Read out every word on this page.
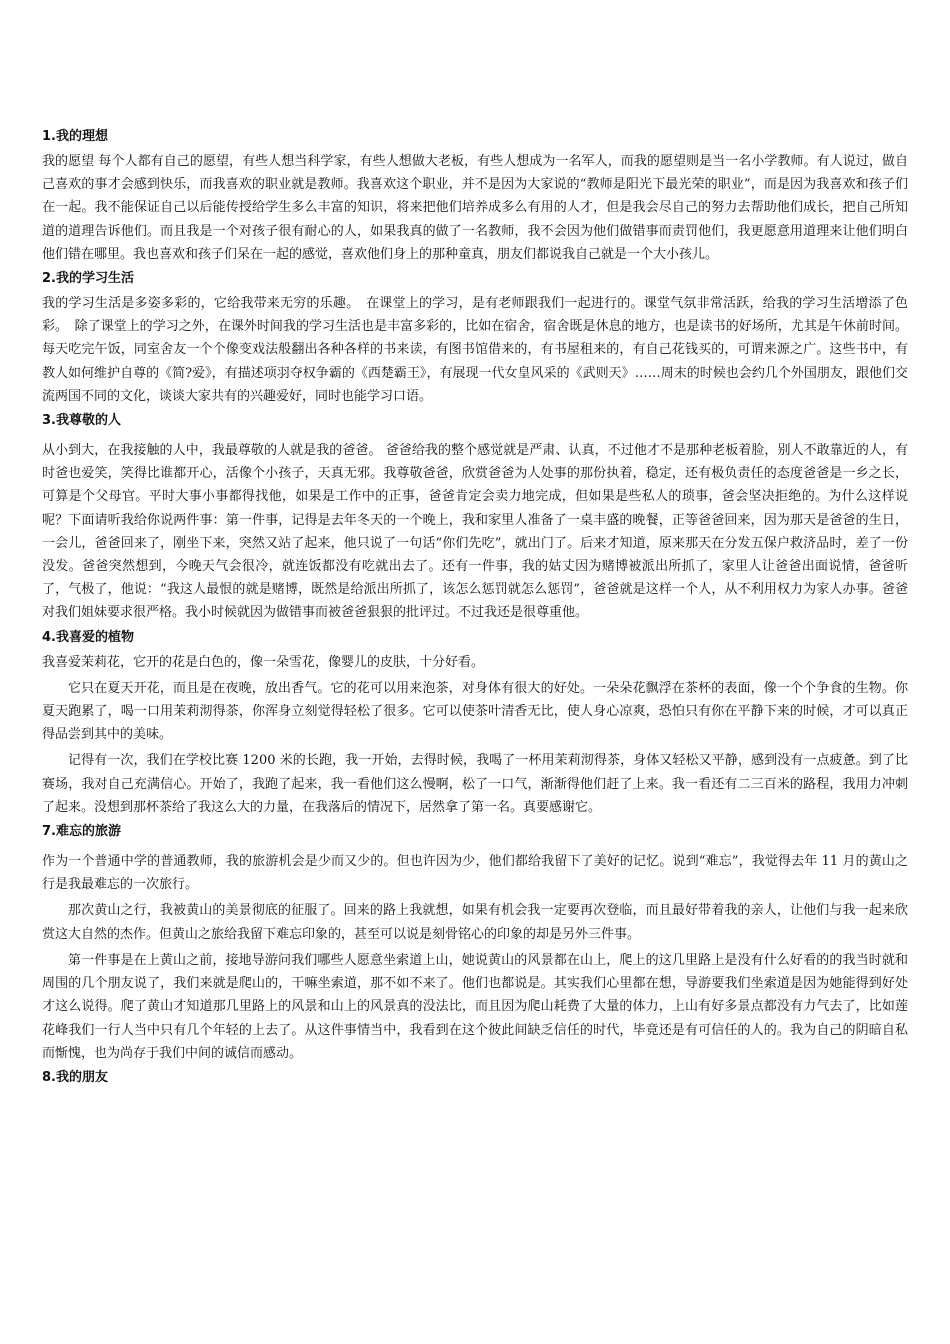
1.我的理想

我的愿望 每个人都有自己的愿望，有些人想当科学家，有些人想做大老板，有些人想成为一名军人，而我的愿望则是当一名小学教师。有人说过，做自己喜欢的事才会感到快乐，而我喜欢的职业就是教师。我喜欢这个职业，并不是因为大家说的“教师是阳光下最光荣的职业”，而是因为我喜欢和孩子们在一起。我不能保证自己以后能传授给学生多么丰富的知识，将来把他们培养成多么有用的人才，但是我会尽自己的努力去帮助他们成长，把自己所知道的道理告诉他们。而且我是一个对孩子很有耐心的人，如果我真的做了一名教师，我不会因为他们做错事而责罚他们，我更愿意用道理来让他们明白他们错在哪里。我也喜欢和孩子们呆在一起的感觉，喜欢他们身上的那种童真，朋友们都说我自己就是一个大小孩儿。

2.我的学习生活

我的学习生活是多姿多彩的，它给我带来无穷的乐趣。　在课堂上的学习，是有老师跟我们一起进行的。课堂气氛非常活跃，给我的学习生活增添了色彩。　除了课堂上的学习之外，在课外时间我的学习生活也是丰富多彩的，比如在宿舍，宿舍既是休息的地方，也是读书的好场所，尤其是午休前时间。每天吃完午饭，同室舍友一个个像变戏法般翻出各种各样的书来读，有图书馆借来的，有书屋租来的，有自己花钱买的，可谓来源之广。这些书中，有教人如何维护自尊的《简?爱》，有描述项羽夺权争霸的《西楚霸王》，有展现一代女皇风采的《武则天》……周末的时候也会约几个外国朋友，跟他们交流两国不同的文化，谈谈大家共有的兴趣爱好，同时也能学习口语。

3.我尊敬的人

从小到大，在我接触的人中，我最尊敬的人就是我的爸爸。 爸爸给我的整个感觉就是严肃、认真，不过他才不是那种老板着脸，别人不敢靠近的人，有时爸也爱笑，笑得比谁都开心，活像个小孩子，天真无邪。我尊敬爸爸，欣赏爸爸为人处事的那份执着，稳定，还有极负责任的态度爸爸是一乡之长，可算是个父母官。平时大事小事都得找他，如果是工作中的正事，爸爸肯定会卖力地完成，但如果是些私人的琐事，爸会坚决拒绝的。为什么这样说呢？下面请听我给你说两件事：第一件事，记得是去年冬天的一个晚上，我和家里人准备了一桌丰盛的晚餐，正等爸爸回来，因为那天是爸爸的生日，一会儿，爸爸回来了，刚坐下来，突然又站了起来，他只说了一句话“你们先吃”，就出门了。后来才知道，原来那天在分发五保户救济品时，差了一份没发。爸爸突然想到，今晚天气会很冷，就连饭都没有吃就出去了。还有一件事，我的姑丈因为赌博被派出所抓了，家里人让爸爸出面说情，爸爸听了，气极了，他说：“我这人最恨的就是赌博，既然是给派出所抓了，该怎么惩罚就怎么惩罚”，爸爸就是这样一个人，从不利用权力为家人办事。爸爸对我们姐妹要求很严格。我小时候就因为做错事而被爸爸狠狠的批评过。不过我还是很尊重他。

4.我喜爱的植物

我喜爱茉莉花，它开的花是白色的，像一朵雪花，像婴儿的皮肤，十分好看。

它只在夏天开花，而且是在夜晚，放出香气。它的花可以用来泡茶，对身体有很大的好处。一朵朵花飘浮在茶杯的表面，像一个个争食的生物。你夏天跑累了，喝一口用茉莉沏得茶，你浑身立刻觉得轻松了很多。它可以使茶叶清香无比，使人身心凉爽，恐怕只有你在平静下来的时候，才可以真正得品尝到其中的美味。

记得有一次，我们在学校比赛 1200 米的长跑，我一开始，去得时候，我喝了一杯用茉莉沏得茶，身体又轻松又平静，感到没有一点疲惫。到了比赛场，我对自己充满信心。开始了，我跑了起来，我一看他们这么慢啊，松了一口气，渐渐得他们赶了上来。我一看还有二三百米的路程，我用力冲刺了起来。没想到那杯茶给了我这么大的力量，在我落后的情况下，居然拿了第一名。真要感谢它。

7.难忘的旅游

作为一个普通中学的普通教师，我的旅游机会是少而又少的。但也许因为少，他们都给我留下了美好的记忆。说到“难忘”，我觉得去年 11 月的黄山之行是我最难忘的一次旅行。

那次黄山之行，我被黄山的美景彻底的征服了。回来的路上我就想，如果有机会我一定要再次登临，而且最好带着我的亲人，让他们与我一起来欣赏这大自然的杰作。但黄山之旅给我留下难忘印象的，甚至可以说是刻骨铭心的印象的却是另外三件事。

第一件事是在上黄山之前，接地导游问我们哪些人愿意坐索道上山，她说黄山的风景都在山上，爬上的这几里路上是没有什么好看的的我当时就和周围的几个朋友说了，我们来就是爬山的，干嘛坐索道，那不如不来了。他们也都说是。其实我们心里都在想，导游要我们坐索道是因为她能得到好处才这么说得。爬了黄山才知道那几里路上的风景和山上的风景真的没法比，而且因为爬山耗费了大量的体力，上山有好多景点都没有力气去了，比如莲花峰我们一行人当中只有几个年轻的上去了。从这件事情当中，我看到在这个彼此间缺乏信任的时代，毕竟还是有可信任的人的。我为自己的阴暗自私而惭愧，也为尚存于我们中间的诚信而感动。

8.我的朋友
